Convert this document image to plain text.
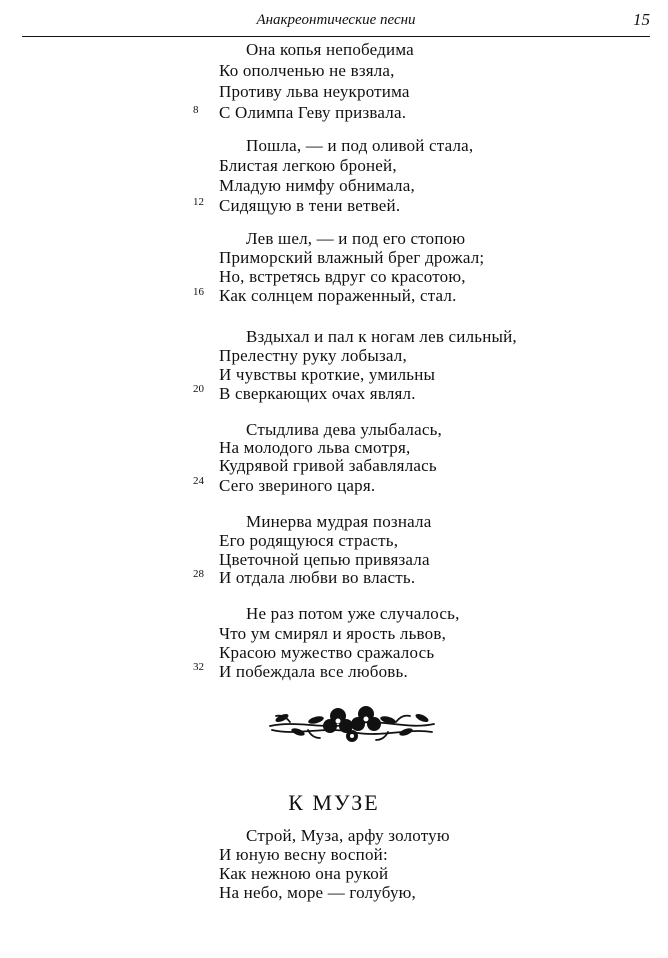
Анакреонтические песни	15
Она копья непобедима
Ко ополченью не взяла,
Противу льва неукротима
С Олимпа Геву призвала.
8
Пошла, — и под оливой стала,
Блистая легкою броней,
Младую нимфу обнимала,
Сидящую в тени ветвей.
12
Лев шел, — и под его стопою
Приморский влажный брег дрожал;
Но, встретясь вдруг со красотою,
Как солнцем пораженный, стал.
16
Вздыхал и пал к ногам лев сильный,
Прелестну руку лобызал,
И чувствы кроткие, умильны
В сверкающих очах являл.
20
Стыдлива дева улыбалась,
На молодого льва смотря,
Кудрявой гривой забавлялась
Сего звериного царя.
24
Минерва мудрая познала
Его родящуюся страсть,
Цветочной цепью привязала
И отдала любви во власть.
28
Не раз потом уже случалось,
Что ум смирял и ярость львов,
Красою мужество сражалось
И побеждала все любовь.
32
К МУЗЕ
Строй, Муза, арфу золотую
И юную весну воспой:
Как нежною она рукой
На небо, море — голубую,
